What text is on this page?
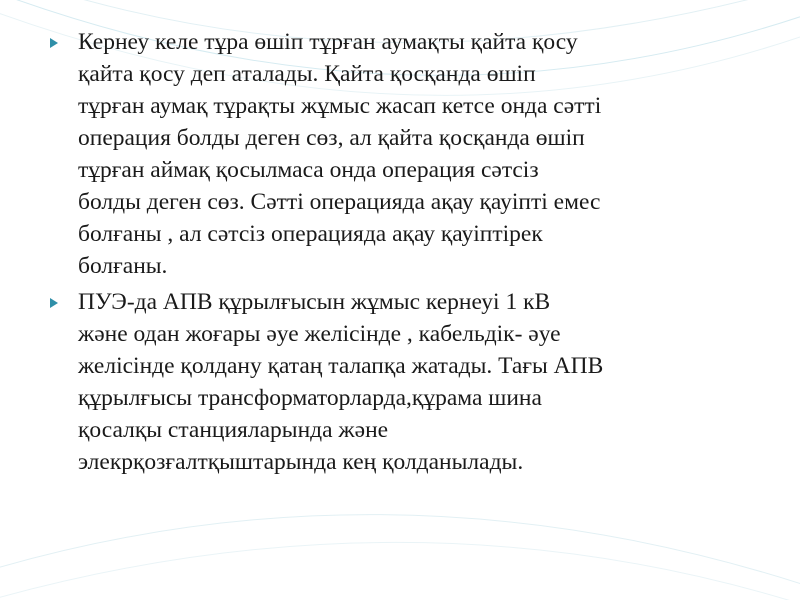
Кернеу келе тұра өшіп тұрған аумақты қайта қосу
қайта қосу деп аталады. Қайта қосқанда өшіп
тұрған аумақ тұрақты жұмыс жасап кетсе онда сәтті
операция болды деген сөз, ал қайта қосқанда өшіп
тұрған аймақ қосылмаса онда операция сәтсіз
болды деген сөз. Сәтті операцияда ақау қауіпті емес
болғаны , ал сәтсіз операцияда ақау қауіптірек
болғаны.
ПУЭ-да АПВ құрылғысын жұмыс кернеуі 1 кВ
және одан жоғары әуе желісінде , кабельдік- әуе
желісінде қолдану қатаң талапқа жатады. Тағы АПВ
құрылғысы трансформаторларда,құрама шина
қосалқы станцияларында және
элекрқозғалтқыштарында кең қолданылады.
